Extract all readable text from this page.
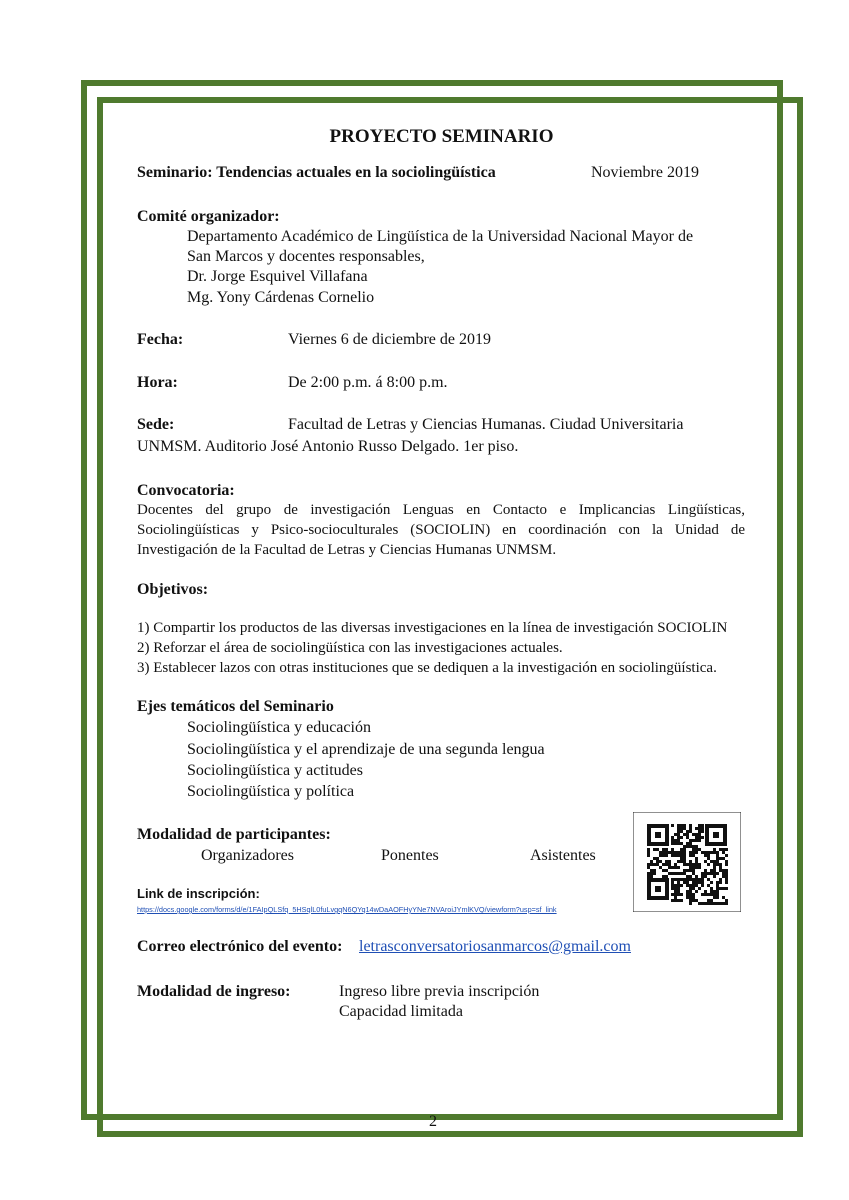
2
PROYECTO SEMINARIO
Seminario: Tendencias actuales en la sociolingüística	Noviembre 2019
Comité organizador:
Departamento Académico de Lingüística de la Universidad Nacional Mayor de
San Marcos y docentes responsables,
Dr. Jorge Esquivel Villafana
Mg. Yony Cárdenas Cornelio
Fecha:	Viernes 6 de diciembre de 2019
Hora:	De 2:00 p.m. á 8:00 p.m.
Sede:	Facultad de Letras y Ciencias Humanas. Ciudad Universitaria
UNMSM. Auditorio José Antonio Russo Delgado. 1er piso.
Convocatoria:
Docentes del grupo de investigación Lenguas en Contacto e Implicancias Lingüísticas,
Sociolingüísticas y Psico-socioculturales (SOCIOLIN) en coordinación con la Unidad de
Investigación de la Facultad de Letras y Ciencias Humanas UNMSM.
Objetivos:
1) Compartir los productos de las diversas investigaciones en la línea de investigación SOCIOLIN
2) Reforzar el área de sociolingüística con las investigaciones actuales.
3) Establecer lazos con otras instituciones que se dediquen a la investigación en sociolingüística.
Ejes temáticos del Seminario
Sociolingüística y educación
Sociolingüística y el aprendizaje de una segunda lengua
Sociolingüística y actitudes
Sociolingüística y política
Modalidad de participantes:
Organizadores	Ponentes	Asistentes
Link de inscripción:
https://docs.google.com/forms/d/e/1FAIpQLSfq_5HSqlL0fuLvgqN6QYq14wDaAOFHyYNe7NVAroiJYmlKVQ/viewform?usp=sf_link
Correo electrónico del evento: letrasconversatoriosanmarcos@gmail.com
Modalidad de ingreso:	Ingreso libre previa inscripción
Capacidad limitada
